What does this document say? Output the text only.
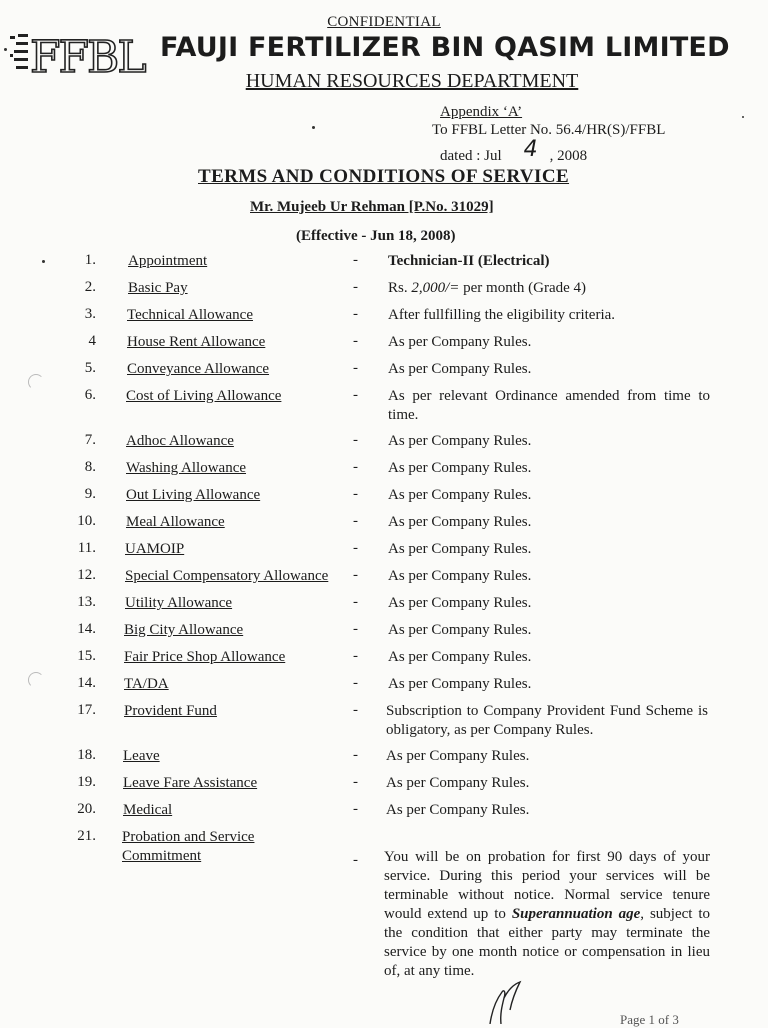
CONFIDENTIAL
FFBL FAUJI FERTILIZER BIN QASIM LIMITED
HUMAN RESOURCES DEPARTMENT
Appendix ‘A’
To FFBL Letter No. 56.4/HR(S)/FFBL
dated : Jul 4 , 2008
TERMS AND CONDITIONS OF SERVICE
Mr. Mujeeb Ur Rehman [P.No. 31029]
(Effective - Jun 18, 2008)
1. Appointment	- Technician-II (Electrical)
2. Basic Pay	- Rs. 2,000/= per month (Grade 4)
3. Technical Allowance	- After fullfilling the eligibility criteria.
4 House Rent Allowance	- As per Company Rules.
5. Conveyance Allowance	- As per Company Rules.
6. Cost of Living Allowance	- As per relevant Ordinance amended from time to time.
7. Adhoc Allowance	- As per Company Rules.
8. Washing Allowance	- As per Company Rules.
9. Out Living Allowance	- As per Company Rules.
10. Meal Allowance	- As per Company Rules.
11. UAMOIP	- As per Company Rules.
12. Special Compensatory Allowance	- As per Company Rules.
13. Utility Allowance	- As per Company Rules.
14. Big City Allowance	- As per Company Rules.
15. Fair Price Shop Allowance	- As per Company Rules.
14. TA/DA	- As per Company Rules.
17. Provident Fund	- Subscription to Company Provident Fund Scheme is obligatory, as per Company Rules.
18. Leave	- As per Company Rules.
19. Leave Fare Assistance	- As per Company Rules.
20. Medical	- As per Company Rules.
21. Probation and Service Commitment	- You will be on probation for first 90 days of your service. During this period your services will be terminable without notice. Normal service tenure would extend up to Superannuation age, subject to the condition that either party may terminate the service by one month notice or compensation in lieu of, at any time.
Page 1 of 3
